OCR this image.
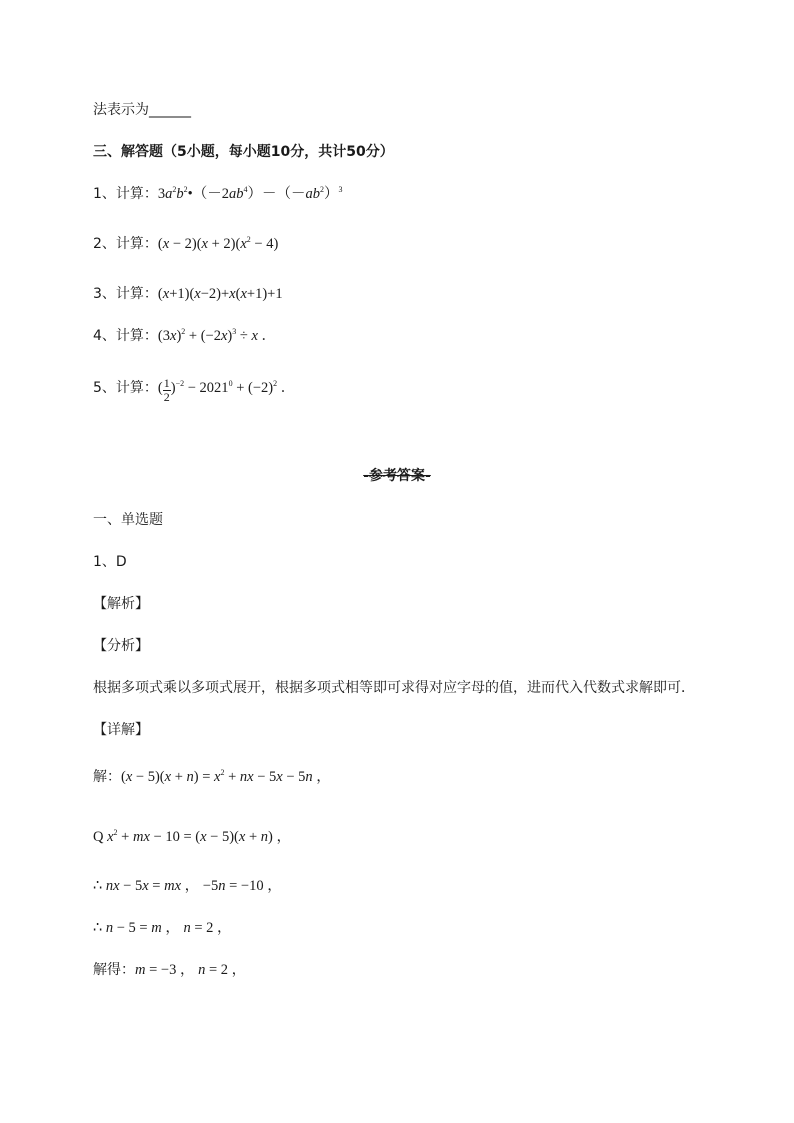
法表示为______
三、解答题（5小题，每小题10分，共计50分）
1、计算：$3a^2b^2•(-2ab^4)-(-ab^2)^3$
2、计算：$(x - 2)(x + 2)(x^2 - 4)$
3、计算：(x+1)(x−2)+x(x+1)+1
4、计算：$(3x)^2 + (-2x)^3 \div x$ ．
5、计算：( $\frac{1}{2} )^{-2} - 2021^0 + (-2)^2$ ．
-参考答案-
一、单选题
1、D
【解析】
【分析】
根据多项式乘以多项式展开，根据多项式相等即可求得对应字母的值，进而代入代数式求解即可．
【详解】
解：$(x - 5)(x + n) = x^2$ + nx − 5x − 5n ，
Q $x^2$ + mx − 10 = (x − 5)(x + n) ，
∴ nx − 5x = mx ， −5n = −10 ，
∴ n − 5 = m ， n = 2 ，
解得：m = −3 ， n = 2 ，
